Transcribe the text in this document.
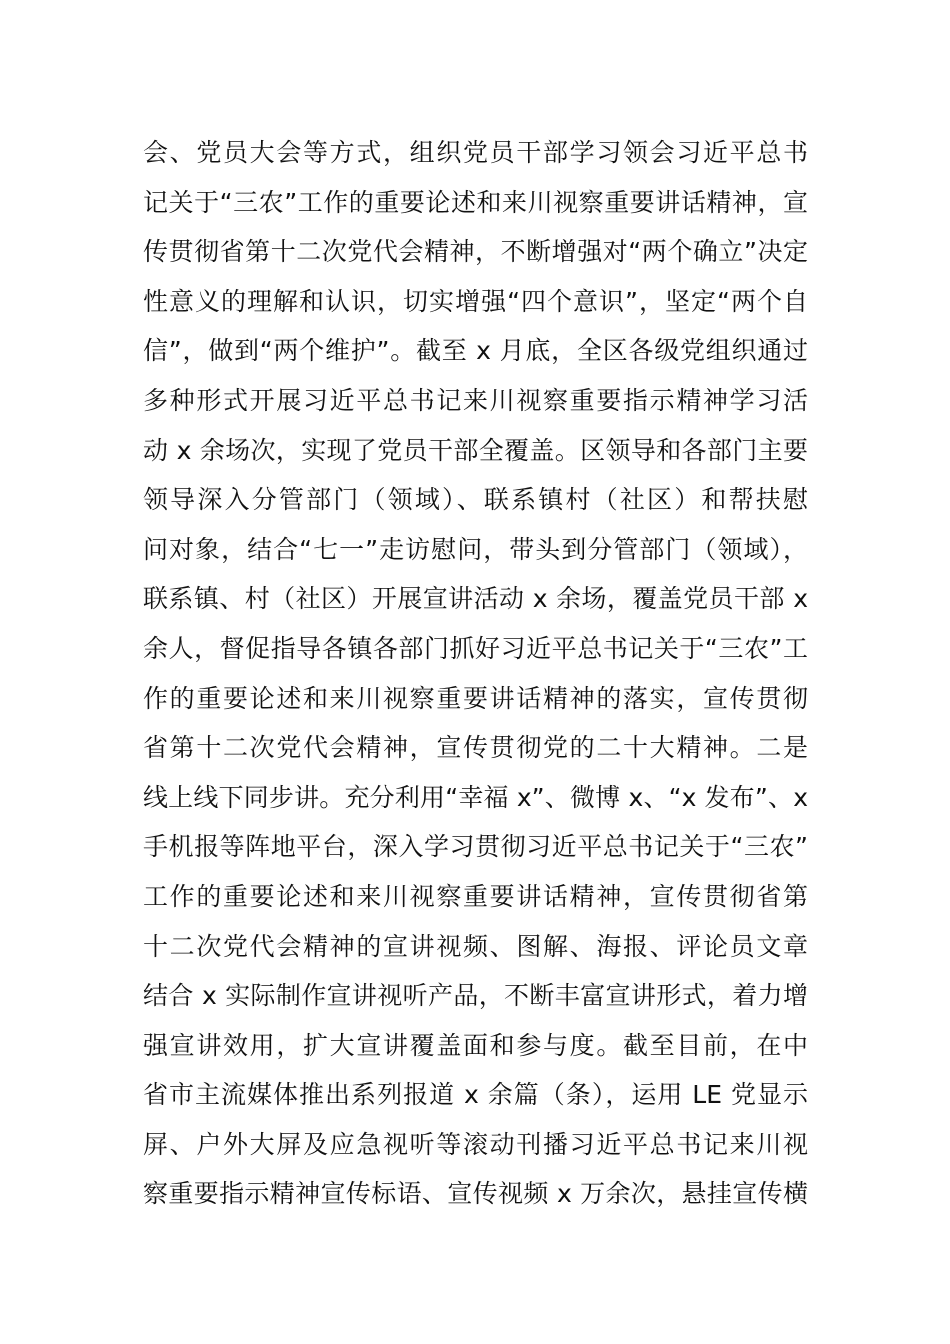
会、党员大会等方式，组织党员干部学习领会习近平总书
记关于“三农”工作的重要论述和来川视察重要讲话精神，宣
传贯彻省第十二次党代会精神，不断增强对“两个确立”决定
性意义的理解和认识，切实增强“四个意识”，坚定“两个自
信”，做到“两个维护”。截至 x 月底，全区各级党组织通过
多种形式开展习近平总书记来川视察重要指示精神学习活
动 x 余场次，实现了党员干部全覆盖。区领导和各部门主要
领导深入分管部门（领域）、联系镇村（社区）和帮扶慰
问对象，结合“七一”走访慰问，带头到分管部门（领域），
联系镇、村（社区）开展宣讲活动 x 余场，覆盖党员干部 x
余人，督促指导各镇各部门抓好习近平总书记关于“三农”工
作的重要论述和来川视察重要讲话精神的落实，宣传贯彻
省第十二次党代会精神，宣传贯彻党的二十大精神。二是
线上线下同步讲。充分利用“幸福 x”、微博 x、“x 发布”、x
手机报等阵地平台，深入学习贯彻习近平总书记关于“三农”
工作的重要论述和来川视察重要讲话精神，宣传贯彻省第
十二次党代会精神的宣讲视频、图解、海报、评论员文章
结合 x 实际制作宣讲视听产品，不断丰富宣讲形式，着力增
强宣讲效用，扩大宣讲覆盖面和参与度。截至目前，在中
省市主流媒体推出系列报道 x 余篇（条），运用 LE 党显示
屏、户外大屏及应急视听等滚动刊播习近平总书记来川视
察重要指示精神宣传标语、宣传视频 x 万余次，悬挂宣传横
